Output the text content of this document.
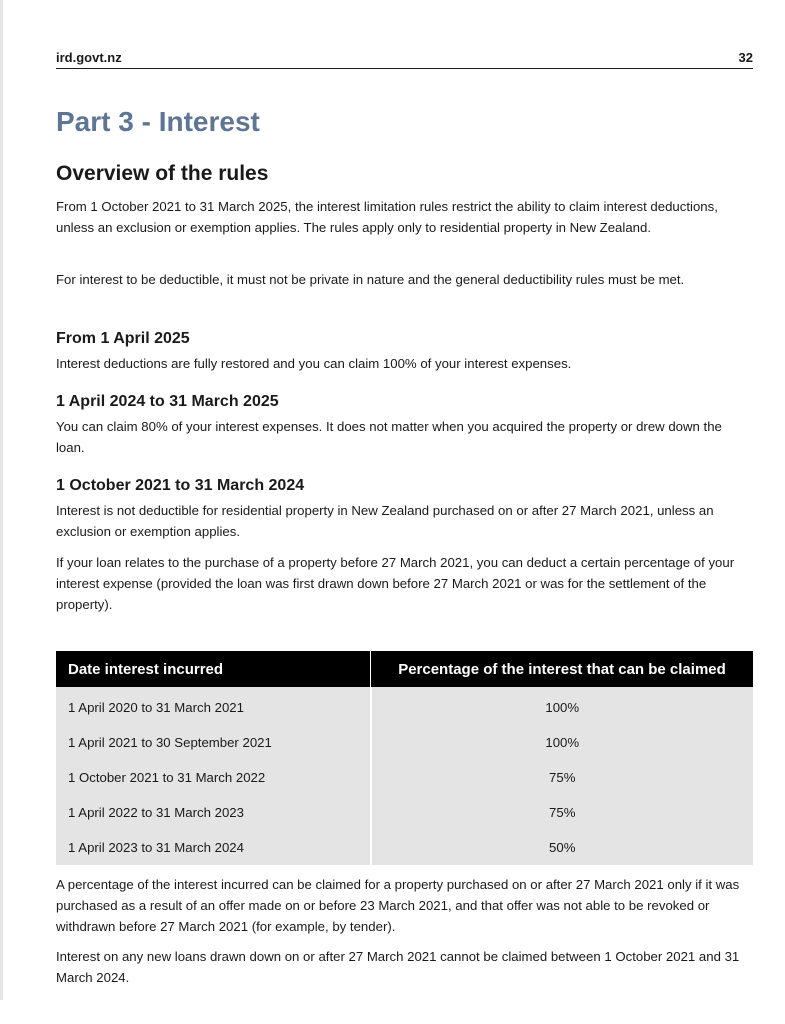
ird.govt.nz	32
Part 3 - Interest
Overview of the rules

From 1 October 2021 to 31 March 2025, the interest limitation rules restrict the ability to claim interest deductions, unless an exclusion or exemption applies. The rules apply only to residential property in New Zealand.

For interest to be deductible, it must not be private in nature and the general deductibility rules must be met.

From 1 April 2025

Interest deductions are fully restored and you can claim 100% of your interest expenses.

1 April 2024 to 31 March 2025

You can claim 80% of your interest expenses. It does not matter when you acquired the property or drew down the loan.

1 October 2021 to 31 March 2024

Interest is not deductible for residential property in New Zealand purchased on or after 27 March 2021, unless an exclusion or exemption applies.

If your loan relates to the purchase of a property before 27 March 2021, you can deduct a certain percentage of your interest expense (provided the loan was first drawn down before 27 March 2021 or was for the settlement of the property).

Date interest incurred	Percentage of the interest that can be claimed
1 April 2020 to 31 March 2021	100%
1 April 2021 to 30 September 2021	100%
1 October 2021 to 31 March 2022	75%
1 April 2022 to 31 March 2023	75%
1 April 2023 to 31 March 2024	50%

A percentage of the interest incurred can be claimed for a property purchased on or after 27 March 2021 only if it was purchased as a result of an offer made on or before 23 March 2021, and that offer was not able to be revoked or withdrawn before 27 March 2021 (for example, by tender).

Interest on any new loans drawn down on or after 27 March 2021 cannot be claimed between 1 October 2021 and 31 March 2024.
